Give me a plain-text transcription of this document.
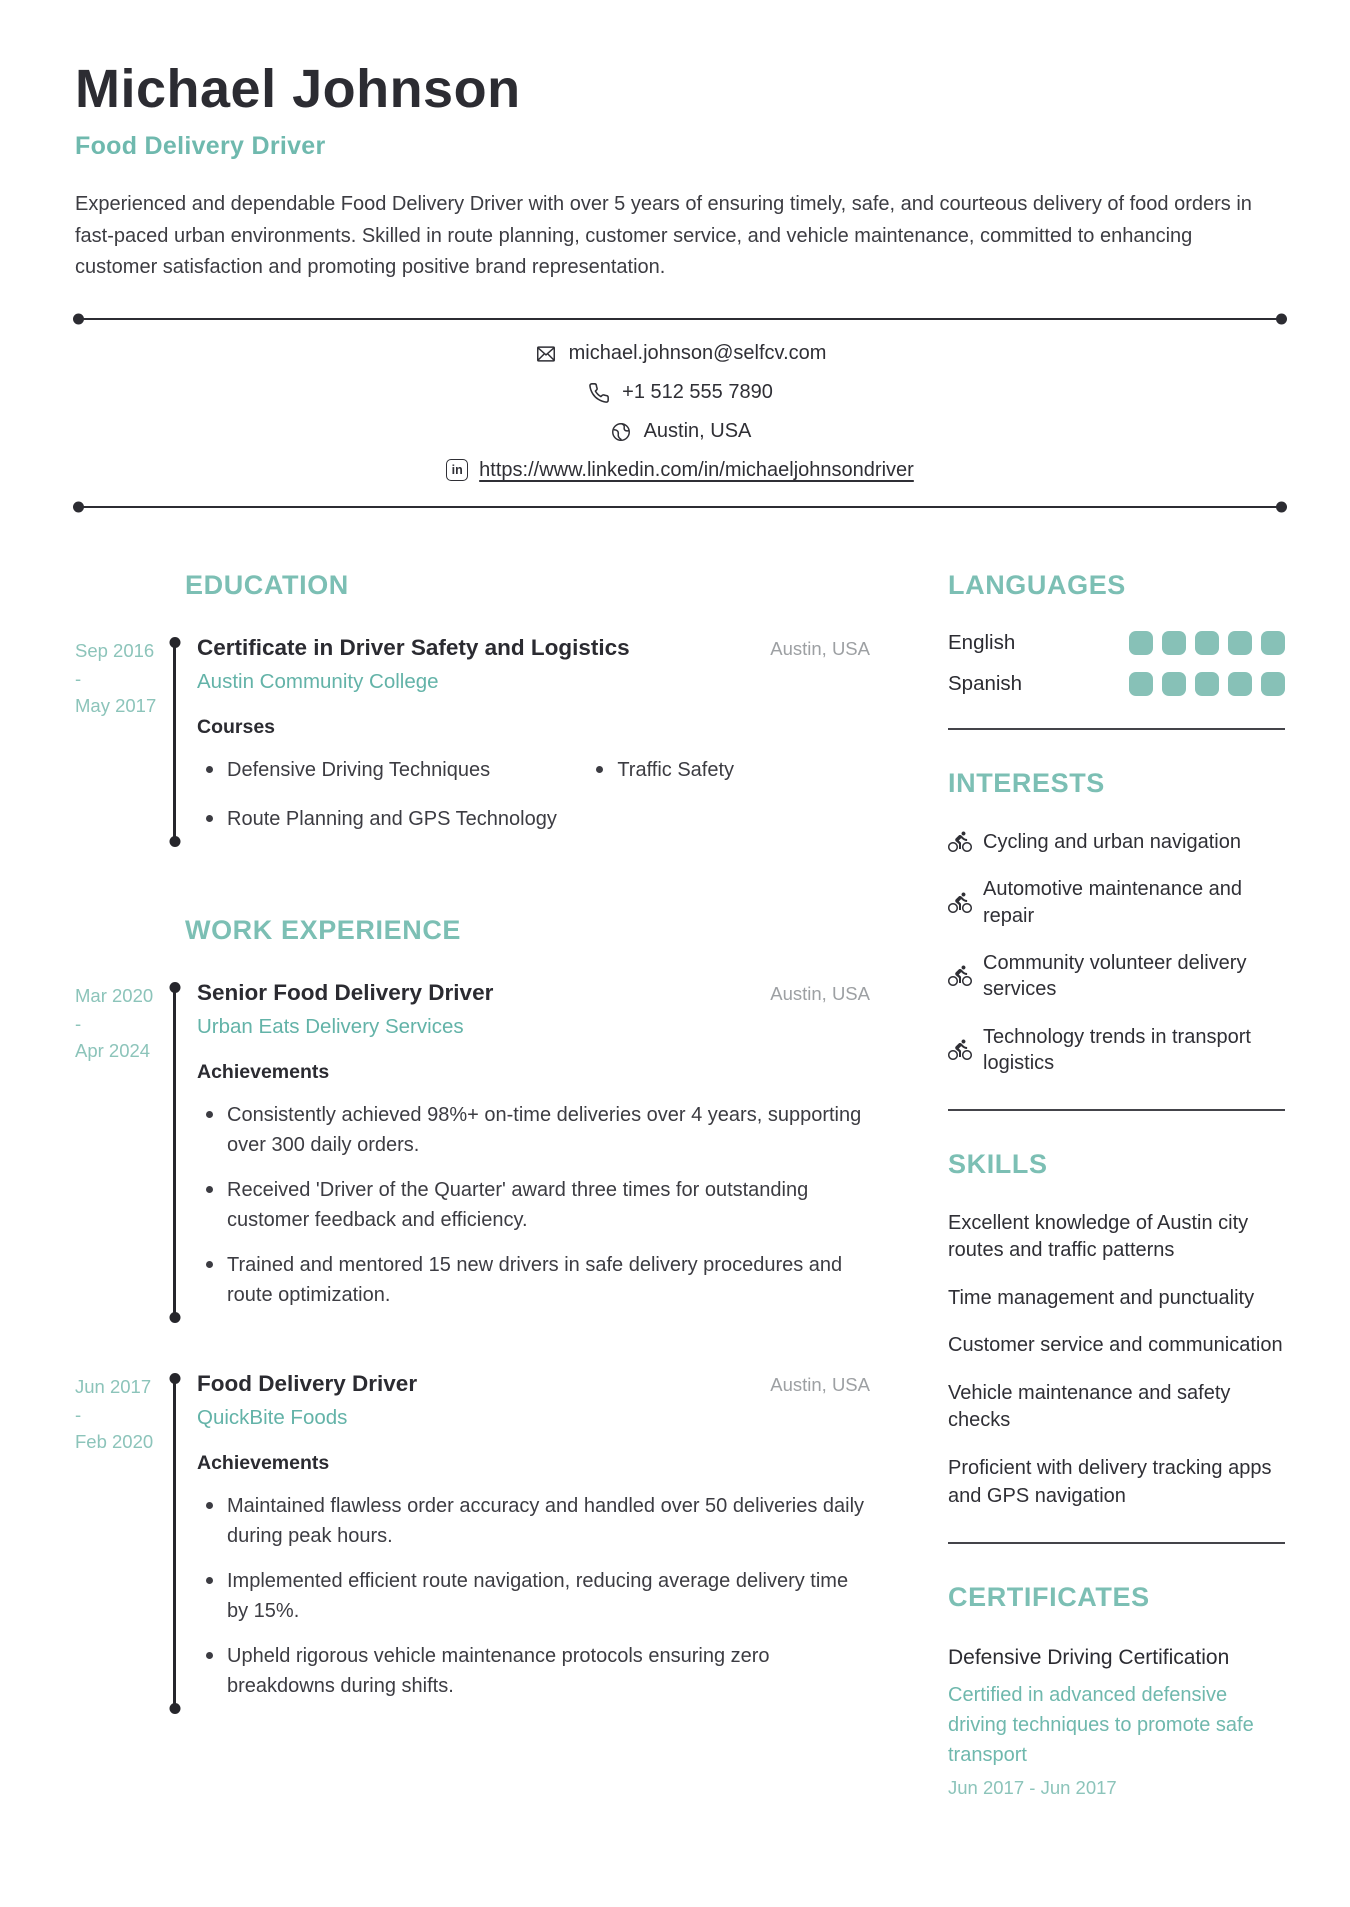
Michael Johnson
Food Delivery Driver
Experienced and dependable Food Delivery Driver with over 5 years of ensuring timely, safe, and courteous delivery of food orders in fast-paced urban environments. Skilled in route planning, customer service, and vehicle maintenance, committed to enhancing customer satisfaction and promoting positive brand representation.
michael.johnson@selfcv.com
+1 512 555 7890
Austin, USA
in https://www.linkedin.com/in/michaeljohnsondriver
EDUCATION
Sep 2016
-
May 2017
Certificate in Driver Safety and Logistics	Austin, USA
Austin Community College
Courses
Defensive Driving Techniques	Traffic Safety
Route Planning and GPS Technology
WORK EXPERIENCE
Mar 2020
-
Apr 2024
Senior Food Delivery Driver	Austin, USA
Urban Eats Delivery Services
Achievements
Consistently achieved 98%+ on-time deliveries over 4 years, supporting over 300 daily orders.
Received 'Driver of the Quarter' award three times for outstanding customer feedback and efficiency.
Trained and mentored 15 new drivers in safe delivery procedures and route optimization.
Jun 2017
-
Feb 2020
Food Delivery Driver	Austin, USA
QuickBite Foods
Achievements
Maintained flawless order accuracy and handled over 50 deliveries daily during peak hours.
Implemented efficient route navigation, reducing average delivery time by 15%.
Upheld rigorous vehicle maintenance protocols ensuring zero breakdowns during shifts.
LANGUAGES
English
Spanish
INTERESTS
Cycling and urban navigation
Automotive maintenance and repair
Community volunteer delivery services
Technology trends in transport logistics
SKILLS
Excellent knowledge of Austin city routes and traffic patterns
Time management and punctuality
Customer service and communication
Vehicle maintenance and safety checks
Proficient with delivery tracking apps and GPS navigation
CERTIFICATES
Defensive Driving Certification
Certified in advanced defensive driving techniques to promote safe transport
Jun 2017 - Jun 2017
